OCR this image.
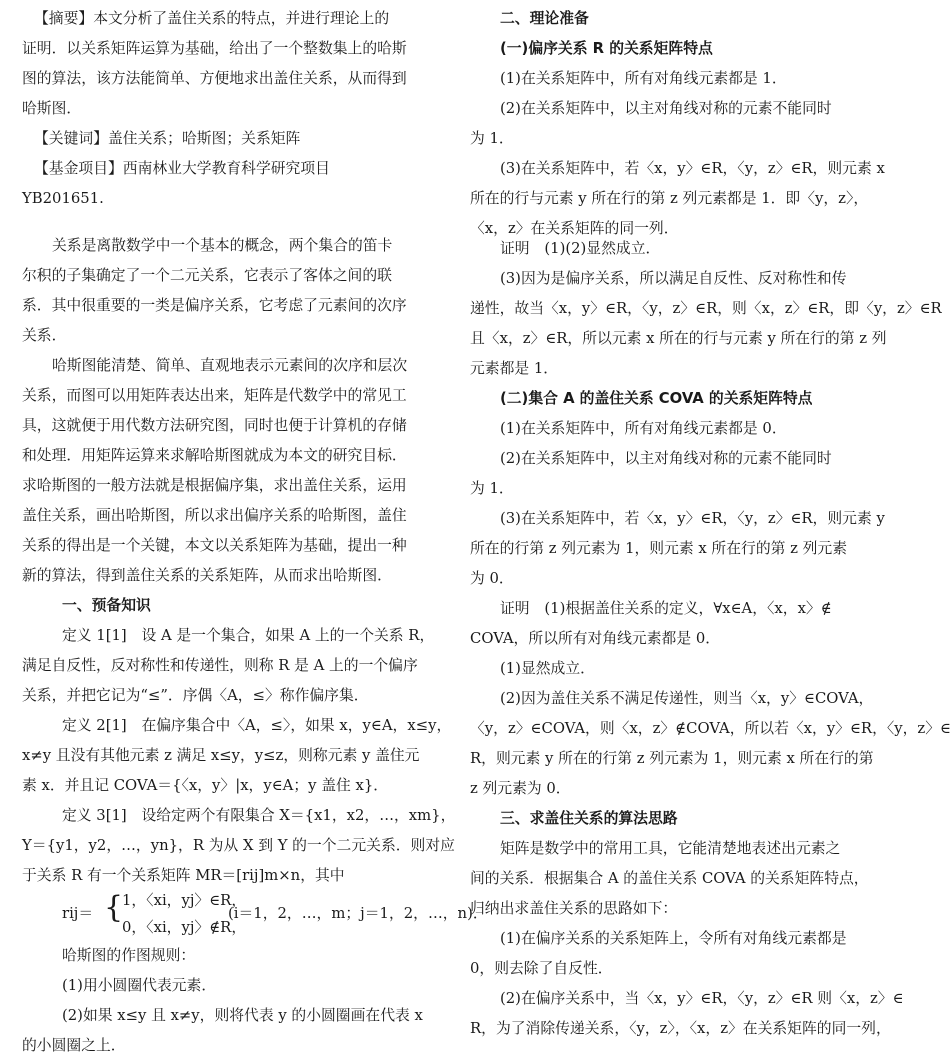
【摘要】本文分析了盖住关系的特点，并进行理论上的
证明．以关系矩阵运算为基础，给出了一个整数集上的哈斯
图的算法，该方法能简单、方便地求出盖住关系，从而得到
哈斯图．
【关键词】盖住关系；哈斯图；关系矩阵
【基金项目】西南林业大学教育科学研究项目
YB201651.
关系是离散数学中一个基本的概念，两个集合的笛卡
尔积的子集确定了一个二元关系，它表示了客体之间的联
系．其中很重要的一类是偏序关系，它考虑了元素间的次序
关系．
哈斯图能清楚、简单、直观地表示元素间的次序和层次
关系，而图可以用矩阵表达出来，矩阵是代数学中的常见工
具，这就便于用代数方法研究图，同时也便于计算机的存储
和处理．用矩阵运算来求解哈斯图就成为本文的研究目标．
求哈斯图的一般方法就是根据偏序集，求出盖住关系，运用
盖住关系，画出哈斯图，所以求出偏序关系的哈斯图，盖住
关系的得出是一个关键，本文以关系矩阵为基础，提出一种
新的算法，得到盖住关系的关系矩阵，从而求出哈斯图．
一、预备知识
定义 1[1]　设 A 是一个集合，如果 A 上的一个关系 R，
满足自反性，反对称性和传递性，则称 R 是 A 上的一个偏序
关系，并把它记为“≤”．序偶〈A，≤〉称作偏序集．
定义 2[1]　在偏序集合中〈A，≤〉，如果 x，y∈A，x≤y，
x≠y 且没有其他元素 z 满足 x≤y，y≤z，则称元素 y 盖住元
素 x．并且记 COVA＝{〈x，y〉|x，y∈A；y 盖住 x}．
定义 3[1]　设给定两个有限集合 X＝{x1，x2，…，xm}，
Y＝{y1，y2，…，yn}，R 为从 X 到 Y 的一个二元关系．则对应
于关系 R 有一个关系矩阵 MR＝[rij]m×n，其中
rij＝ {
1，〈xi，yj〉∈R，
0，〈xi，yj〉∉R，
(i＝1，2，…，m；j＝1，2，…，n)．
哈斯图的作图规则：
(1)用小圆圈代表元素．
(2)如果 x≤y 且 x≠y，则将代表 y 的小圆圈画在代表 x
的小圆圈之上．
二、理论准备
(一)偏序关系 R 的关系矩阵特点
(1)在关系矩阵中，所有对角线元素都是 1．
(2)在关系矩阵中，以主对角线对称的元素不能同时
为 1．
(3)在关系矩阵中，若〈x，y〉∈R，〈y，z〉∈R，则元素 x
所在的行与元素 y 所在行的第 z 列元素都是 1．即〈y，z〉，
〈x，z〉在关系矩阵的同一列．
证明　(1)(2)显然成立．
(3)因为是偏序关系，所以满足自反性、反对称性和传
递性，故当〈x，y〉∈R，〈y，z〉∈R，则〈x，z〉∈R，即〈y，z〉∈R
且〈x，z〉∈R，所以元素 x 所在的行与元素 y 所在行的第 z 列
元素都是 1．
(二)集合 A 的盖住关系 COVA 的关系矩阵特点
(1)在关系矩阵中，所有对角线元素都是 0．
(2)在关系矩阵中，以主对角线对称的元素不能同时
为 1．
(3)在关系矩阵中，若〈x，y〉∈R，〈y，z〉∈R，则元素 y
所在的行第 z 列元素为 1，则元素 x 所在行的第 z 列元素
为 0．
证明　(1)根据盖住关系的定义，∀x∈A，〈x，x〉∉
COVA，所以所有对角线元素都是 0．
(1)显然成立．
(2)因为盖住关系不满足传递性，则当〈x，y〉∈COVA，
〈y，z〉∈COVA，则〈x，z〉∉COVA，所以若〈x，y〉∈R，〈y，z〉∈
R，则元素 y 所在的行第 z 列元素为 1，则元素 x 所在行的第
z 列元素为 0．
三、求盖住关系的算法思路
矩阵是数学中的常用工具，它能清楚地表述出元素之
间的关系．根据集合 A 的盖住关系 COVA 的关系矩阵特点，
归纳出求盖住关系的思路如下：
(1)在偏序关系的关系矩阵上，令所有对角线元素都是
0，则去除了自反性．
(2)在偏序关系中，当〈x，y〉∈R，〈y，z〉∈R 则〈x，z〉∈
R，为了消除传递关系，〈y，z〉，〈x，z〉在关系矩阵的同一列，
